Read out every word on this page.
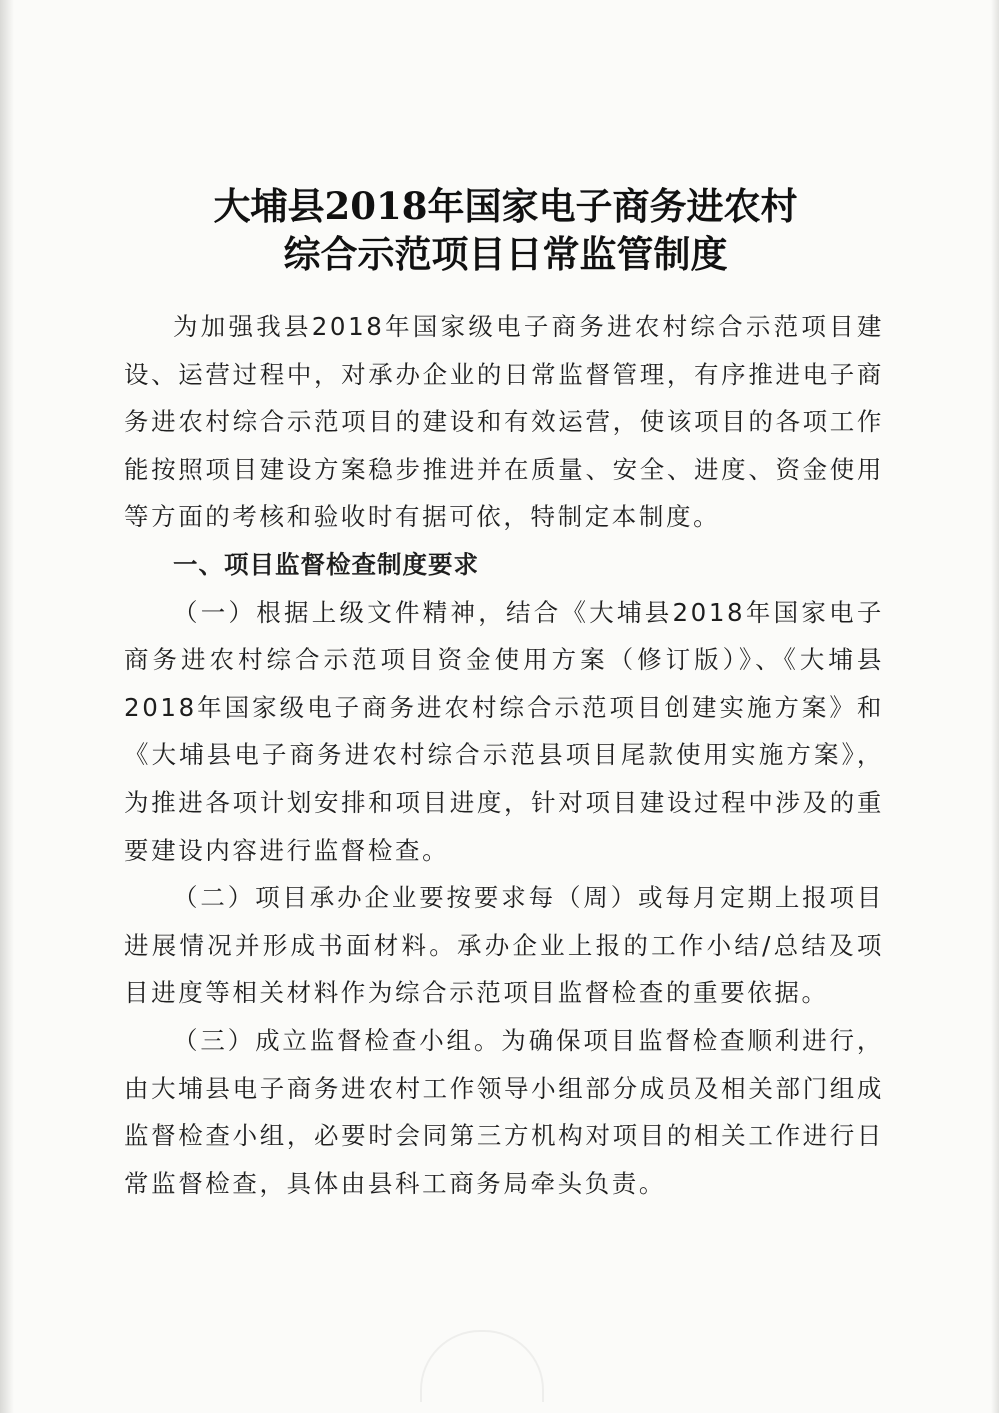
大埔县2018年国家电子商务进农村
综合示范项目日常监管制度

为加强我县2018年国家级电子商务进农村综合示范项目建设、运营过程中，对承办企业的日常监督管理，有序推进电子商务进农村综合示范项目的建设和有效运营，使该项目的各项工作能按照项目建设方案稳步推进并在质量、安全、进度、资金使用等方面的考核和验收时有据可依，特制定本制度。

一、项目监督检查制度要求

（一）根据上级文件精神，结合《大埔县2018年国家电子商务进农村综合示范项目资金使用方案（修订版）》、《大埔县2018年国家级电子商务进农村综合示范项目创建实施方案》和《大埔县电子商务进农村综合示范县项目尾款使用实施方案》，为推进各项计划安排和项目进度，针对项目建设过程中涉及的重要建设内容进行监督检查。

（二）项目承办企业要按要求每（周）或每月定期上报项目进展情况并形成书面材料。承办企业上报的工作小结/总结及项目进度等相关材料作为综合示范项目监督检查的重要依据。

（三）成立监督检查小组。为确保项目监督检查顺利进行，由大埔县电子商务进农村工作领导小组部分成员及相关部门组成监督检查小组，必要时会同第三方机构对项目的相关工作进行日常监督检查，具体由县科工商务局牵头负责。
